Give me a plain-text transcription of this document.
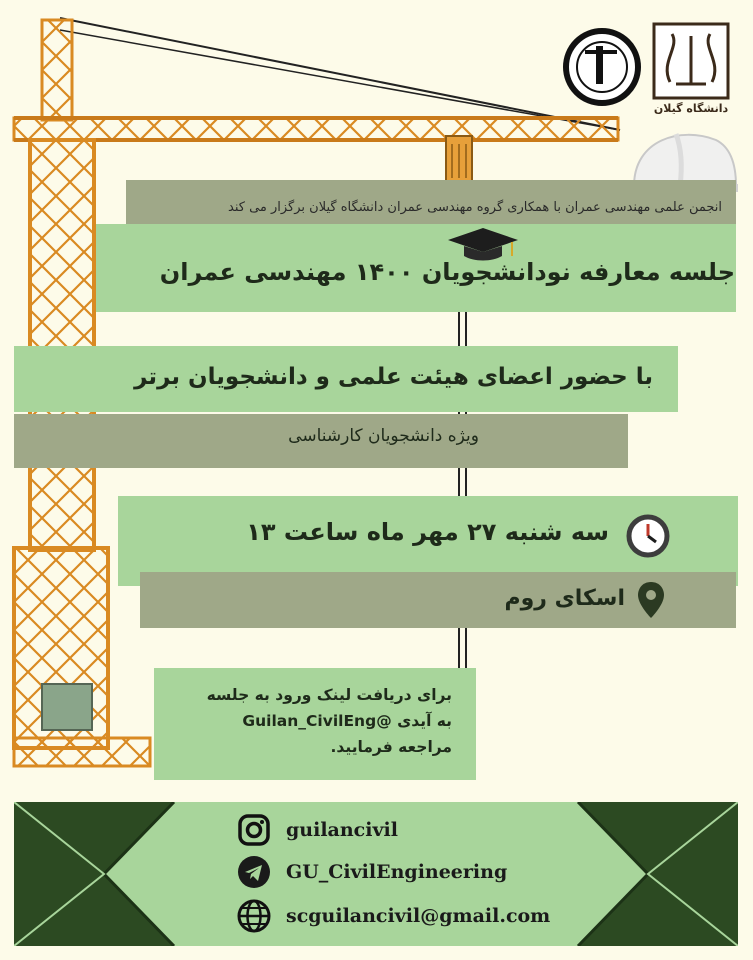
دانشگاه گیلان
انجمن علمی مهندسی عمران با همکاری گروه مهندسی عمران دانشگاه گیلان برگزار می کند
جلسه معارفه نودانشجویان ۱۴۰۰ مهندسی عمران
با حضور اعضای هیئت علمی و دانشجویان برتر
ویژه دانشجویان کارشناسی
سه شنبه ۲۷ مهر ماه ساعت ۱۳
اسکای روم
برای دریافت لینک ورود به جلسه
به آیدی @Guilan_CivilEng
مراجعه فرمایید.
guilancivil
GU_CivilEngineering
scguilancivil@gmail.com
